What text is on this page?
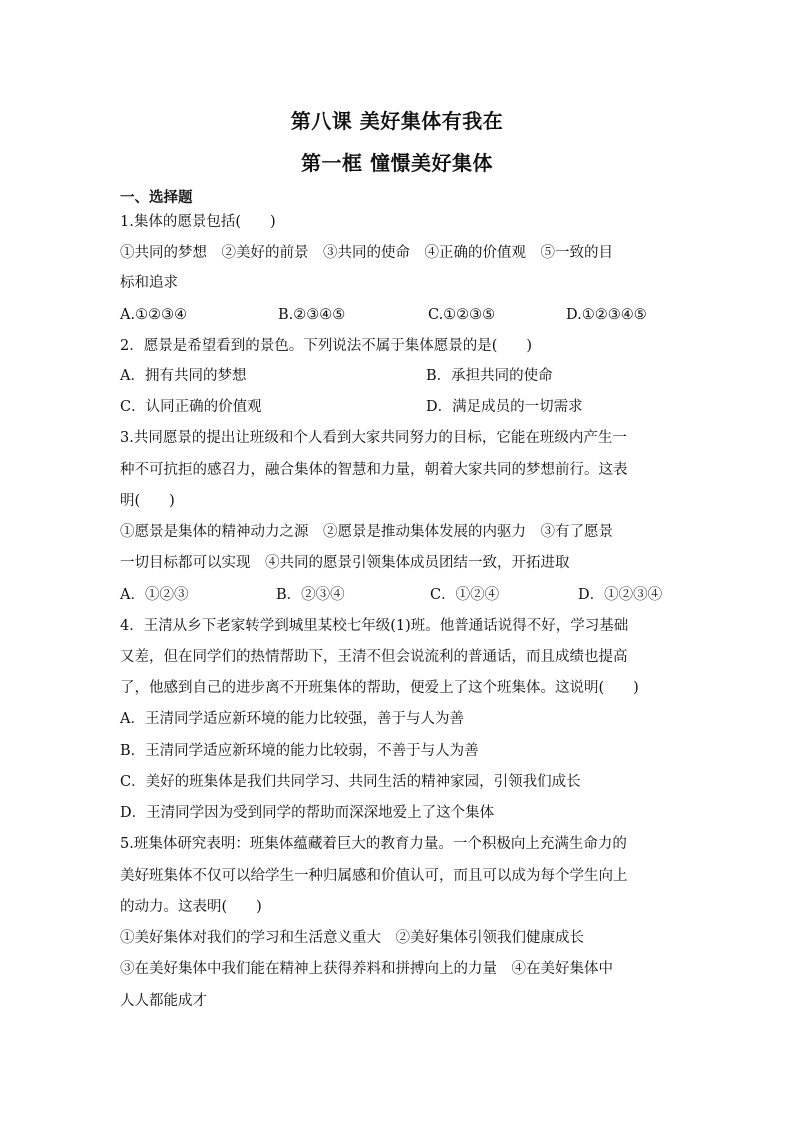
第八课 美好集体有我在
第一框 憧憬美好集体
一、选择题
1.集体的愿景包括(　　)
①共同的梦想　②美好的前景　③共同的使命　④正确的价值观　⑤一致的目
标和追求
A.①②③④	B.②③④⑤	C.①②③⑤	D.①②③④⑤
2．愿景是希望看到的景色。下列说法不属于集体愿景的是(　　)
A．拥有共同的梦想	B．承担共同的使命
C．认同正确的价值观	D．满足成员的一切需求
3.共同愿景的提出让班级和个人看到大家共同努力的目标，它能在班级内产生一
种不可抗拒的感召力，融合集体的智慧和力量，朝着大家共同的梦想前行。这表
明(　　)
①愿景是集体的精神动力之源　②愿景是推动集体发展的内驱力　③有了愿景
一切目标都可以实现　④共同的愿景引领集体成员团结一致，开拓进取
A．①②③	B．②③④	C．①②④	D．①②③④
4．王清从乡下老家转学到城里某校七年级(1)班。他普通话说得不好，学习基础
又差，但在同学们的热情帮助下，王清不但会说流利的普通话，而且成绩也提高
了，他感到自己的进步离不开班集体的帮助，便爱上了这个班集体。这说明(　　)
A．王清同学适应新环境的能力比较强，善于与人为善
B．王清同学适应新环境的能力比较弱，不善于与人为善
C．美好的班集体是我们共同学习、共同生活的精神家园，引领我们成长
D．王清同学因为受到同学的帮助而深深地爱上了这个集体
5.班集体研究表明：班集体蕴藏着巨大的教育力量。一个积极向上充满生命力的
美好班集体不仅可以给学生一种归属感和价值认可，而且可以成为每个学生向上
的动力。这表明(　　)
①美好集体对我们的学习和生活意义重大　②美好集体引领我们健康成长
③在美好集体中我们能在精神上获得养料和拼搏向上的力量　④在美好集体中
人人都能成才
